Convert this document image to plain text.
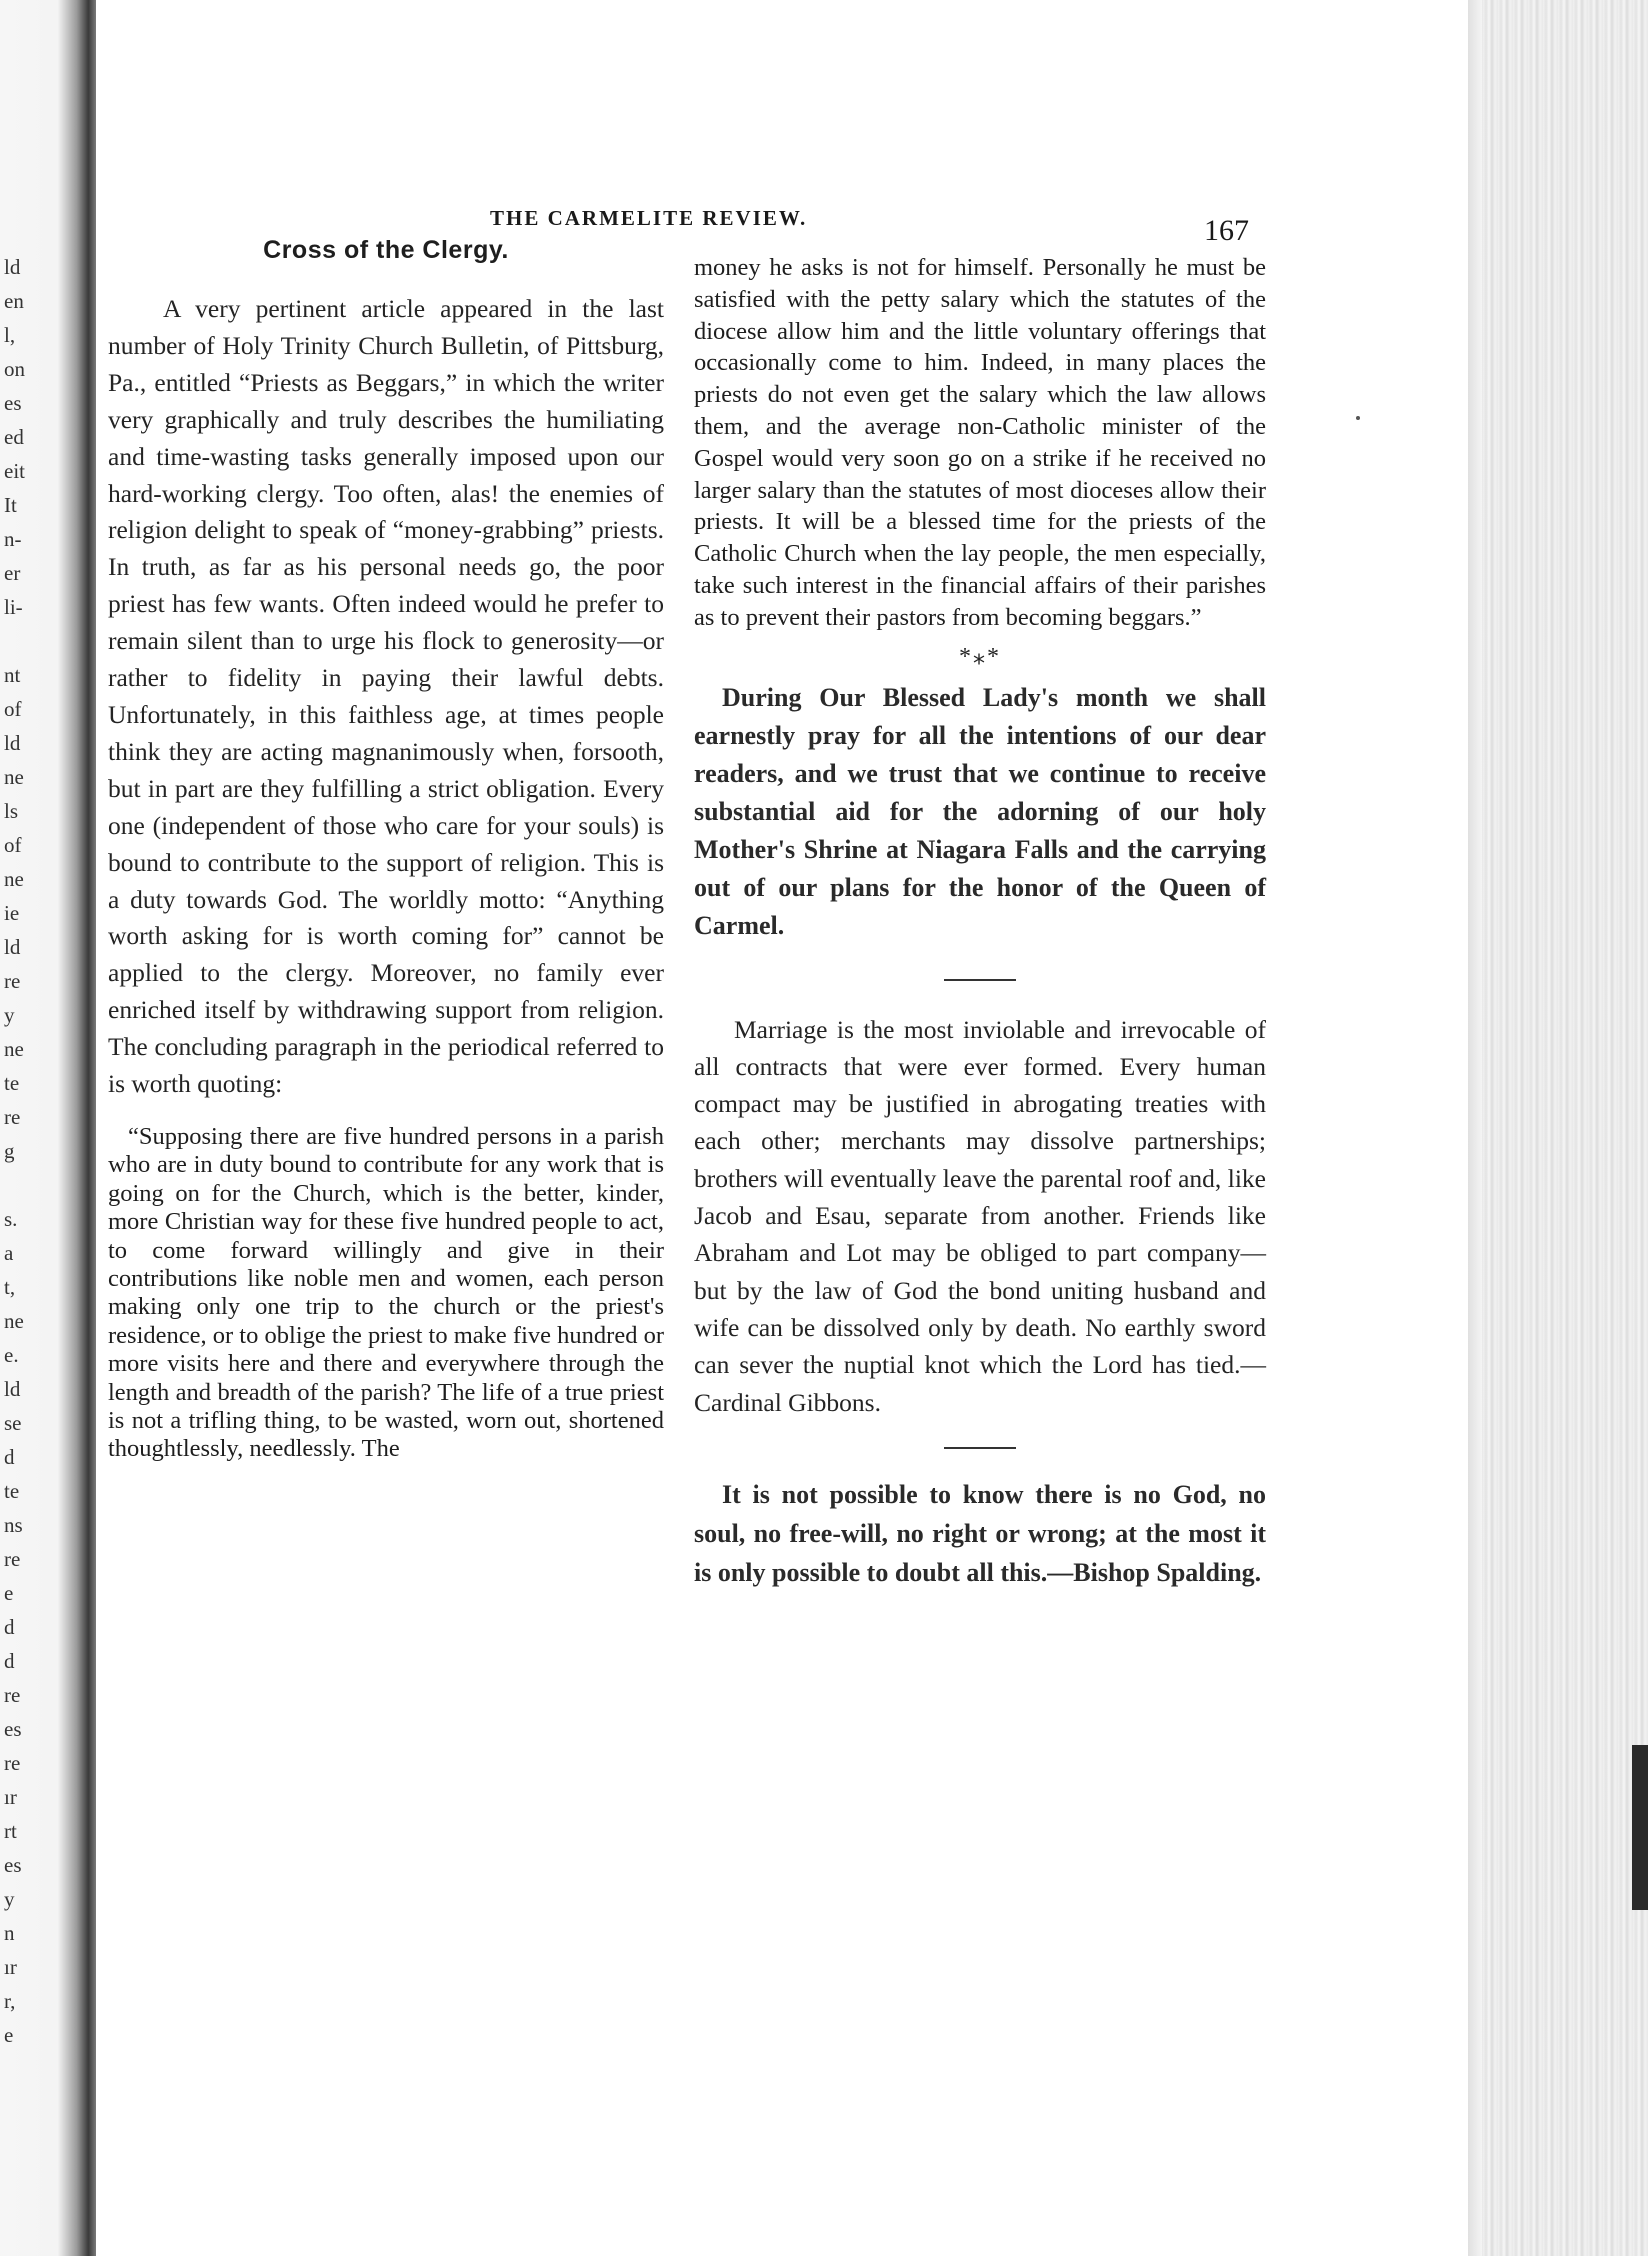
ld
en
l,
on
es
ed
eit
It
n-
er
li-
nt
of
ld
ne
ls
of
ne
ie
ld
re
y
ne
te
re
g
s.
a
t,
ne
e.
ld
se
d
te
ns
re
e
d
d
re
es
re
ır
rt
es
y
n
ır
r,
e
THE CARMELITE REVIEW.	167
Cross of the Clergy.

A very pertinent article appeared in the last number of Holy Trinity Church Bulletin, of Pittsburg, Pa., entitled “Priests as Beggars,” in which the writer very graphically and truly describes the humiliating and time-wasting tasks generally imposed upon our hard-working clergy. Too often, alas! the enemies of religion delight to speak of “money-grabbing” priests. In truth, as far as his personal needs go, the poor priest has few wants. Often indeed would he prefer to remain silent than to urge his flock to generosity—or rather to fidelity in paying their lawful debts. Unfortunately, in this faithless age, at times people think they are acting magnanimously when, forsooth, but in part are they fulfilling a strict obligation. Every one (independent of those who care for your souls) is bound to contribute to the support of religion. This is a duty towards God. The worldly motto: “Anything worth asking for is worth coming for” cannot be applied to the clergy. Moreover, no family ever enriched itself by withdrawing support from religion. The concluding paragraph in the periodical referred to is worth quoting:

“Supposing there are five hundred persons in a parish who are in duty bound to contribute for any work that is going on for the Church, which is the better, kinder, more Christian way for these five hundred people to act, to come forward willingly and give in their contributions like noble men and women, each person making only one trip to the church or the priest's residence, or to oblige the priest to make five hundred or more visits here and there and everywhere through the length and breadth of the parish? The life of a true priest is not a trifling thing, to be wasted, worn out, shortened thoughtlessly, needlessly. The

money he asks is not for himself. Personally he must be satisfied with the petty salary which the statutes of the diocese allow him and the little voluntary offerings that occasionally come to him. Indeed, in many places the priests do not even get the salary which the law allows them, and the average non-Catholic minister of the Gospel would very soon go on a strike if he received no larger salary than the statutes of most dioceses allow their priests. It will be a blessed time for the priests of the Catholic Church when the lay people, the men especially, take such interest in the financial affairs of their parishes as to prevent their pastors from becoming beggars.”

*⁎*

During Our Blessed Lady's month we shall earnestly pray for all the intentions of our dear readers, and we trust that we continue to receive substantial aid for the adorning of our holy Mother's Shrine at Niagara Falls and the carrying out of our plans for the honor of the Queen of Carmel.

Marriage is the most inviolable and irrevocable of all contracts that were ever formed. Every human compact may be justified in abrogating treaties with each other; merchants may dissolve partnerships; brothers will eventually leave the parental roof and, like Jacob and Esau, separate from another. Friends like Abraham and Lot may be obliged to part company—but by the law of God the bond uniting husband and wife can be dissolved only by death. No earthly sword can sever the nuptial knot which the Lord has tied.—Cardinal Gibbons.

It is not possible to know there is no God, no soul, no free-will, no right or wrong; at the most it is only possible to doubt all this.—Bishop Spalding.
